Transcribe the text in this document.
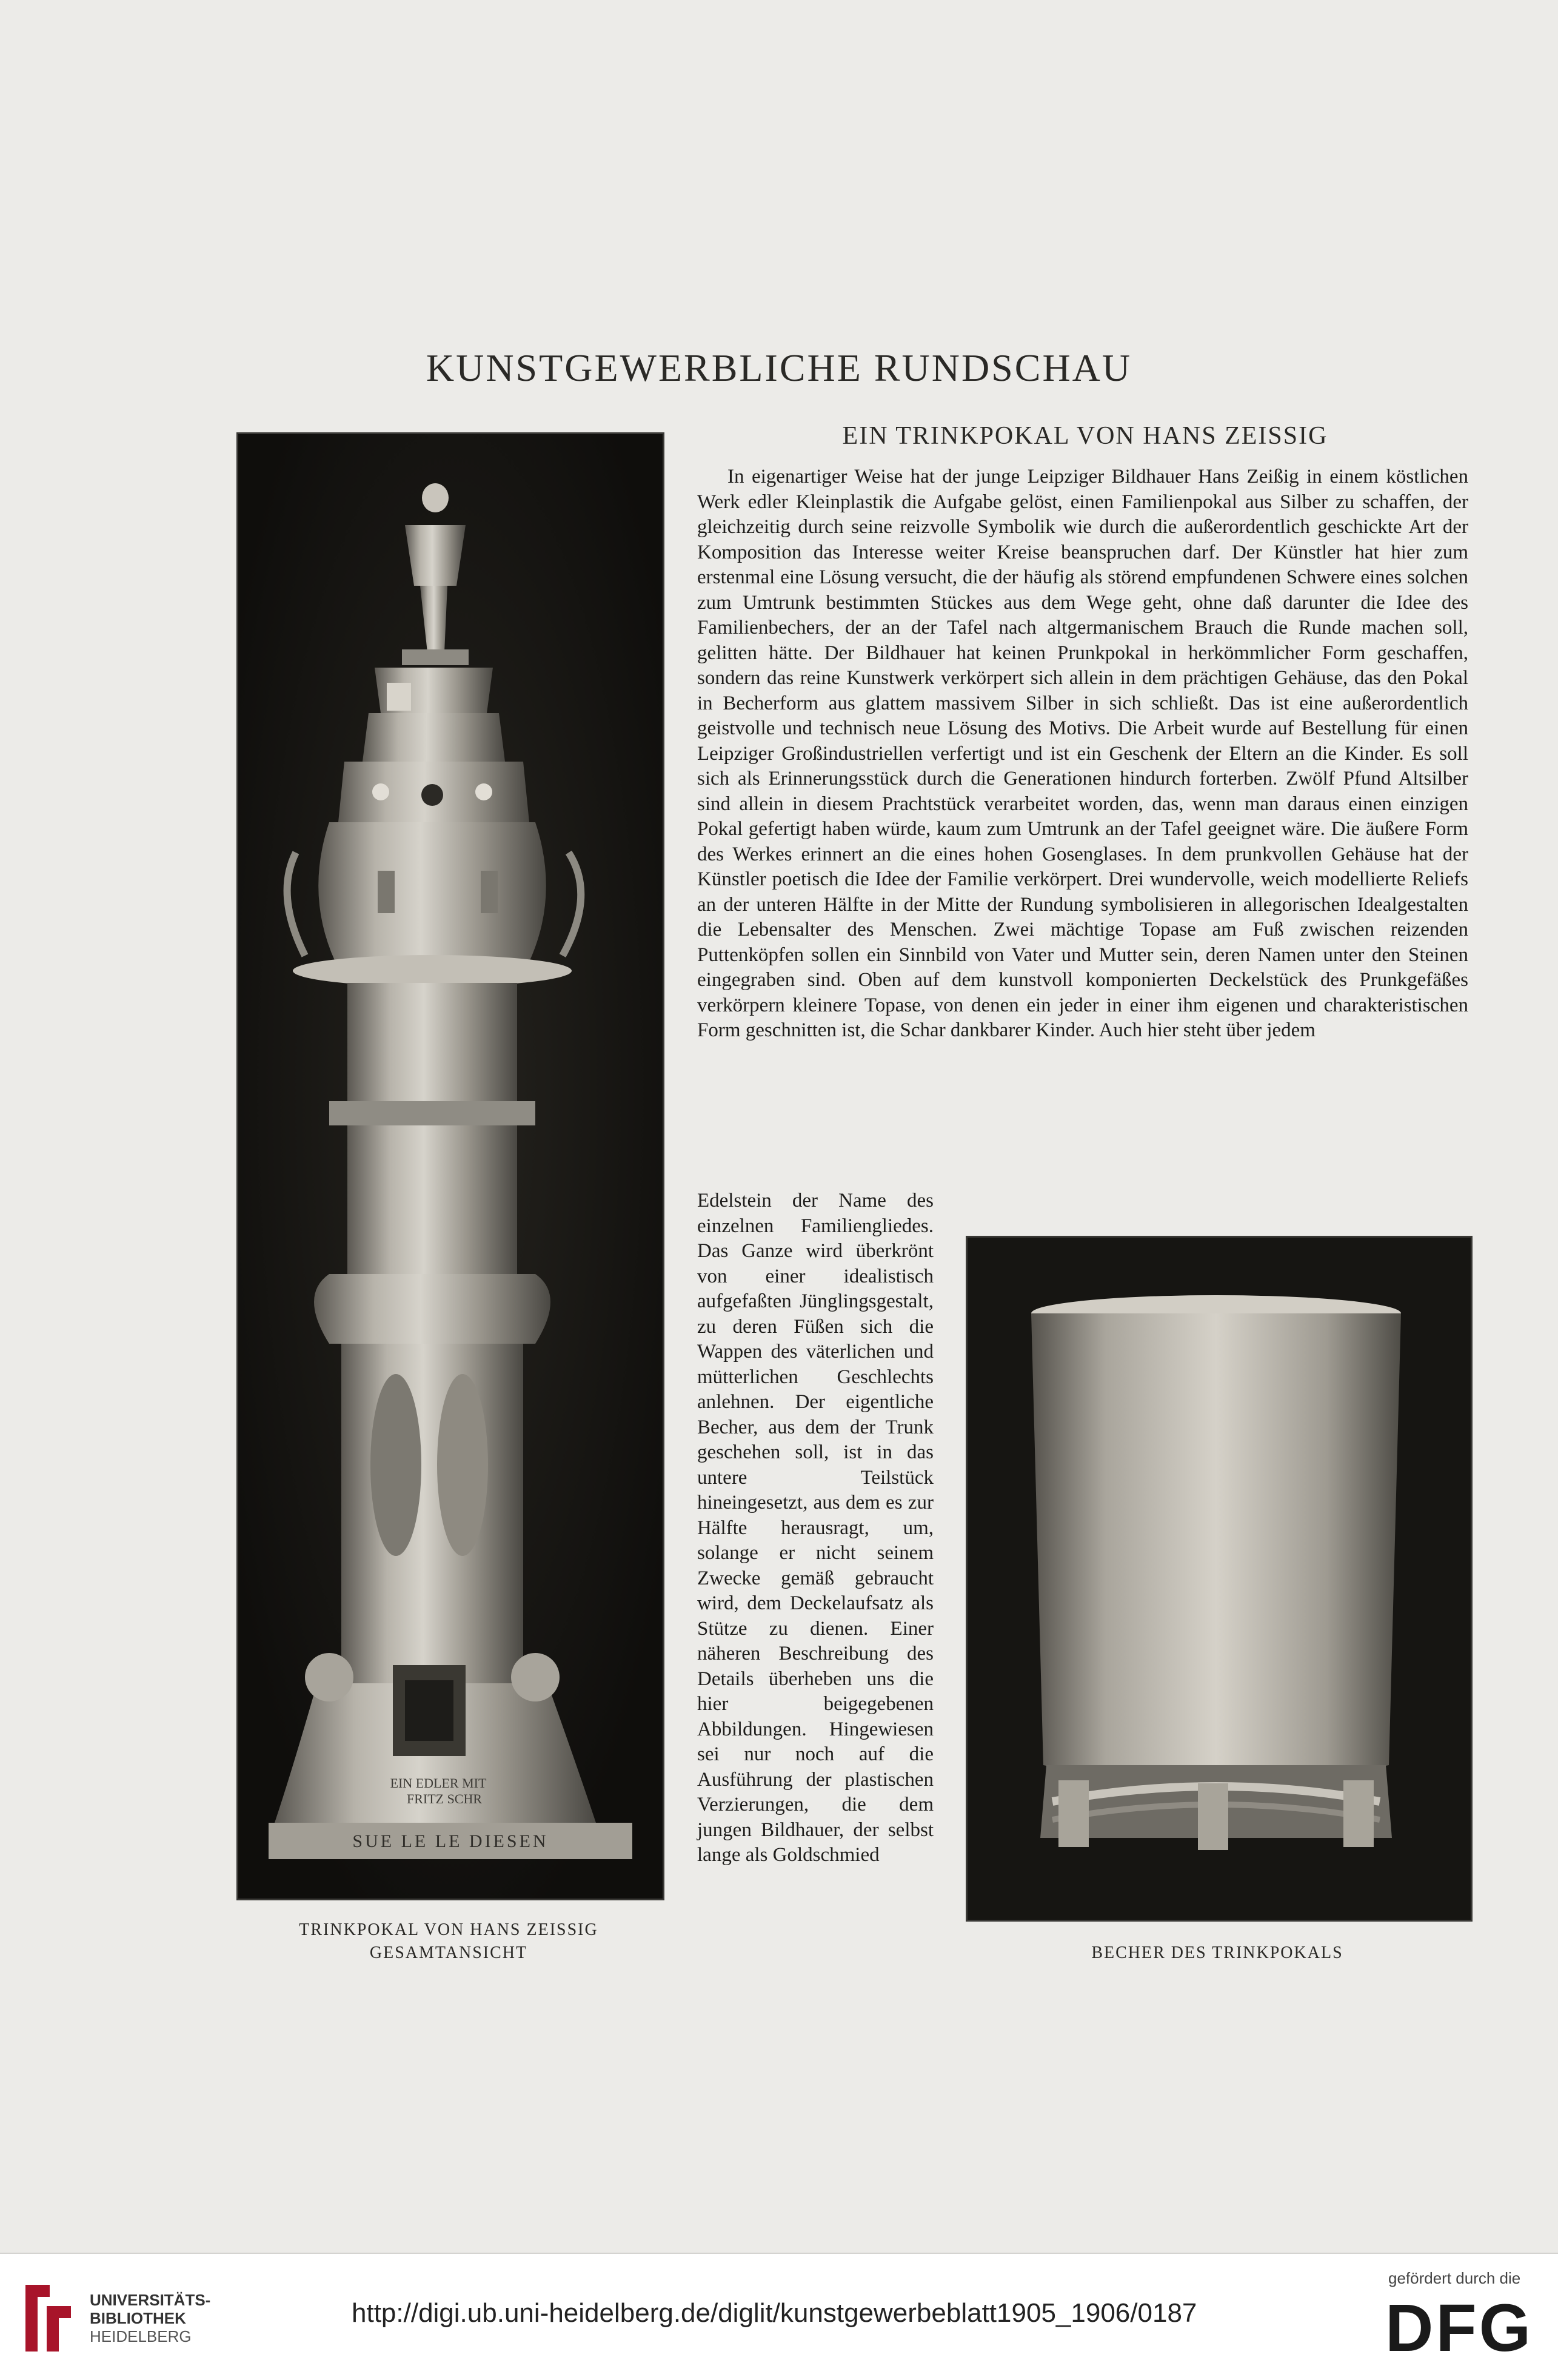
KUNSTGEWERBLICHE RUNDSCHAU
EIN TRINKPOKAL VON HANS ZEISSIG
EIN EDLER MIT
FRITZ SCHR
SUE LE LE DIESEN
TRINKPOKAL VON HANS ZEISSIG
GESAMTANSICHT

In eigenartiger Weise hat der junge Leipziger Bildhauer Hans Zeißig in einem köstlichen Werk edler Kleinplastik die Aufgabe gelöst, einen Familienpokal aus Silber zu schaffen, der gleichzeitig durch seine reizvolle Symbolik wie durch die außerordentlich geschickte Art der Komposition das Interesse weiter Kreise beanspruchen darf. Der Künstler hat hier zum erstenmal eine Lösung versucht, die der häufig als störend empfundenen Schwere eines solchen zum Umtrunk bestimmten Stückes aus dem Wege geht, ohne daß darunter die Idee des Familienbechers, der an der Tafel nach altgermanischem Brauch die Runde machen soll, gelitten hätte. Der Bildhauer hat keinen Prunkpokal in herkömmlicher Form geschaffen, sondern das reine Kunstwerk verkörpert sich allein in dem prächtigen Gehäuse, das den Pokal in Becherform aus glattem massivem Silber in sich schließt. Das ist eine außerordentlich geistvolle und technisch neue Lösung des Motivs. Die Arbeit wurde auf Bestellung für einen Leipziger Großindustriellen verfertigt und ist ein Geschenk der Eltern an die Kinder. Es soll sich als Erinnerungsstück durch die Generationen hindurch forterben. Zwölf Pfund Altsilber sind allein in diesem Prachtstück verarbeitet worden, das, wenn man daraus einen einzigen Pokal gefertigt haben würde, kaum zum Umtrunk an der Tafel geeignet wäre. Die äußere Form des Werkes erinnert an die eines hohen Gosenglases. In dem prunkvollen Gehäuse hat der Künstler poetisch die Idee der Familie verkörpert. Drei wundervolle, weich modellierte Reliefs an der unteren Hälfte in der Mitte der Rundung symbolisieren in allegorischen Idealgestalten die Lebensalter des Menschen. Zwei mächtige Topase am Fuß zwischen reizenden Puttenköpfen sollen ein Sinnbild von Vater und Mutter sein, deren Namen unter den Steinen eingegraben sind. Oben auf dem kunstvoll komponierten Deckelstück des Prunkgefäßes verkörpern kleinere Topase, von denen ein jeder in einer ihm eigenen und charakteristischen Form geschnitten ist, die Schar dankbarer Kinder. Auch hier steht über jedem

Edelstein der Name des einzelnen Familiengliedes. Das Ganze wird überkrönt von einer idealistisch aufgefaßten Jünglingsgestalt, zu deren Füßen sich die Wappen des väterlichen und mütterlichen Geschlechts anlehnen. Der eigentliche Becher, aus dem der Trunk geschehen soll, ist in das untere Teilstück hineingesetzt, aus dem es zur Hälfte herausragt, um, solange er nicht seinem Zwecke gemäß gebraucht wird, dem Deckelaufsatz als Stütze zu dienen. Einer näheren Beschreibung des Details überheben uns die hier beigegebenen Abbildungen. Hingewiesen sei nur noch auf die Ausführung der plastischen Verzierungen, die dem jungen Bildhauer, der selbst lange als Goldschmied

BECHER DES TRINKPOKALS
UNIVERSITÄTS-
BIBLIOTHEK
HEIDELBERG
http://digi.ub.uni-heidelberg.de/diglit/kunstgewerbeblatt1905_1906/0187
gefördert durch die
DFG
